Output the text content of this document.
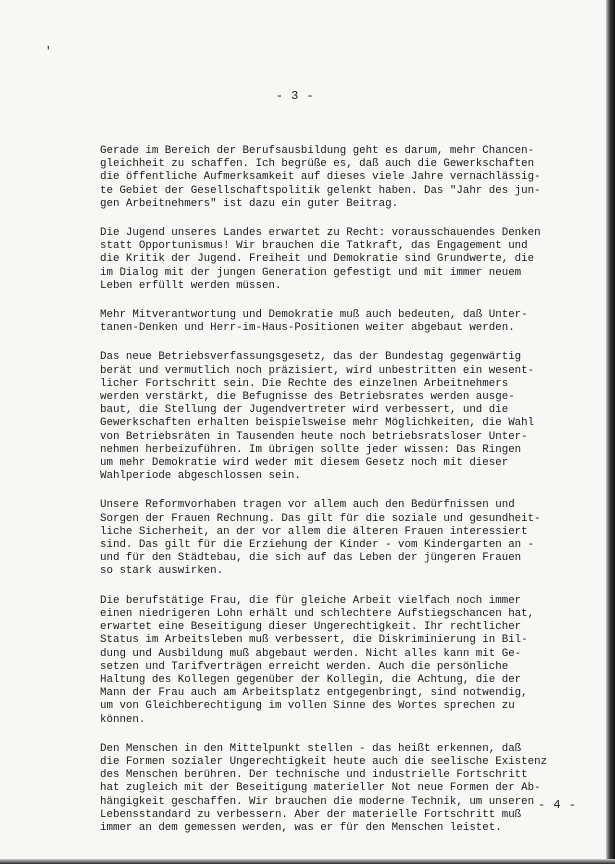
′
- 3 -
Gerade im Bereich der Berufsausbildung geht es darum, mehr Chancen-
gleichheit zu schaffen. Ich begrüße es, daß auch die Gewerkschaften
die öffentliche Aufmerksamkeit auf dieses viele Jahre vernachlässig-
te Gebiet der Gesellschaftspolitik gelenkt haben. Das "Jahr des jun-
gen Arbeitnehmers" ist dazu ein guter Beitrag.
Die Jugend unseres Landes erwartet zu Recht: vorausschauendes Denken
statt Opportunismus! Wir brauchen die Tatkraft, das Engagement und
die Kritik der Jugend. Freiheit und Demokratie sind Grundwerte, die
im Dialog mit der jungen Generation gefestigt und mit immer neuem
Leben erfüllt werden müssen.
Mehr Mitverantwortung und Demokratie muß auch bedeuten, daß Unter-
tanen-Denken und Herr-im-Haus-Positionen weiter abgebaut werden.
Das neue Betriebsverfassungsgesetz, das der Bundestag gegenwärtig
berät und vermutlich noch präzisiert, wird unbestritten ein wesent-
licher Fortschritt sein. Die Rechte des einzelnen Arbeitnehmers
werden verstärkt, die Befugnisse des Betriebsrates werden ausge-
baut, die Stellung der Jugendvertreter wird verbessert, und die
Gewerkschaften erhalten beispielsweise mehr Möglichkeiten, die Wahl
von Betriebsräten in Tausenden heute noch betriebsratsloser Unter-
nehmen herbeizuführen. Im übrigen sollte jeder wissen: Das Ringen
um mehr Demokratie wird weder mit diesem Gesetz noch mit dieser
Wahlperiode abgeschlossen sein.
Unsere Reformvorhaben tragen vor allem auch den Bedürfnissen und
Sorgen der Frauen Rechnung. Das gilt für die soziale und gesundheit-
liche Sicherheit, an der vor allem die älteren Frauen interessiert
sind. Das gilt für die Erziehung der Kinder - vom Kindergarten an -
und für den Städtebau, die sich auf das Leben der jüngeren Frauen
so stark auswirken.
Die berufstätige Frau, die für gleiche Arbeit vielfach noch immer
einen niedrigeren Lohn erhält und schlechtere Aufstiegschancen hat,
erwartet eine Beseitigung dieser Ungerechtigkeit. Ihr rechtlicher
Status im Arbeitsleben muß verbessert, die Diskriminierung in Bil-
dung und Ausbildung muß abgebaut werden. Nicht alles kann mit Ge-
setzen und Tarifverträgen erreicht werden. Auch die persönliche
Haltung des Kollegen gegenüber der Kollegin, die Achtung, die der
Mann der Frau auch am Arbeitsplatz entgegenbringt, sind notwendig,
um von Gleichberechtigung im vollen Sinne des Wortes sprechen zu
können.
Den Menschen in den Mittelpunkt stellen - das heißt erkennen, daß
die Formen sozialer Ungerechtigkeit heute auch die seelische Existenz
des Menschen berühren. Der technische und industrielle Fortschritt
hat zugleich mit der Beseitigung materieller Not neue Formen der Ab-
hängigkeit geschaffen. Wir brauchen die moderne Technik, um unseren
Lebensstandard zu verbessern. Aber der materielle Fortschritt muß
immer an dem gemessen werden, was er für den Menschen leistet.
- 4 -
